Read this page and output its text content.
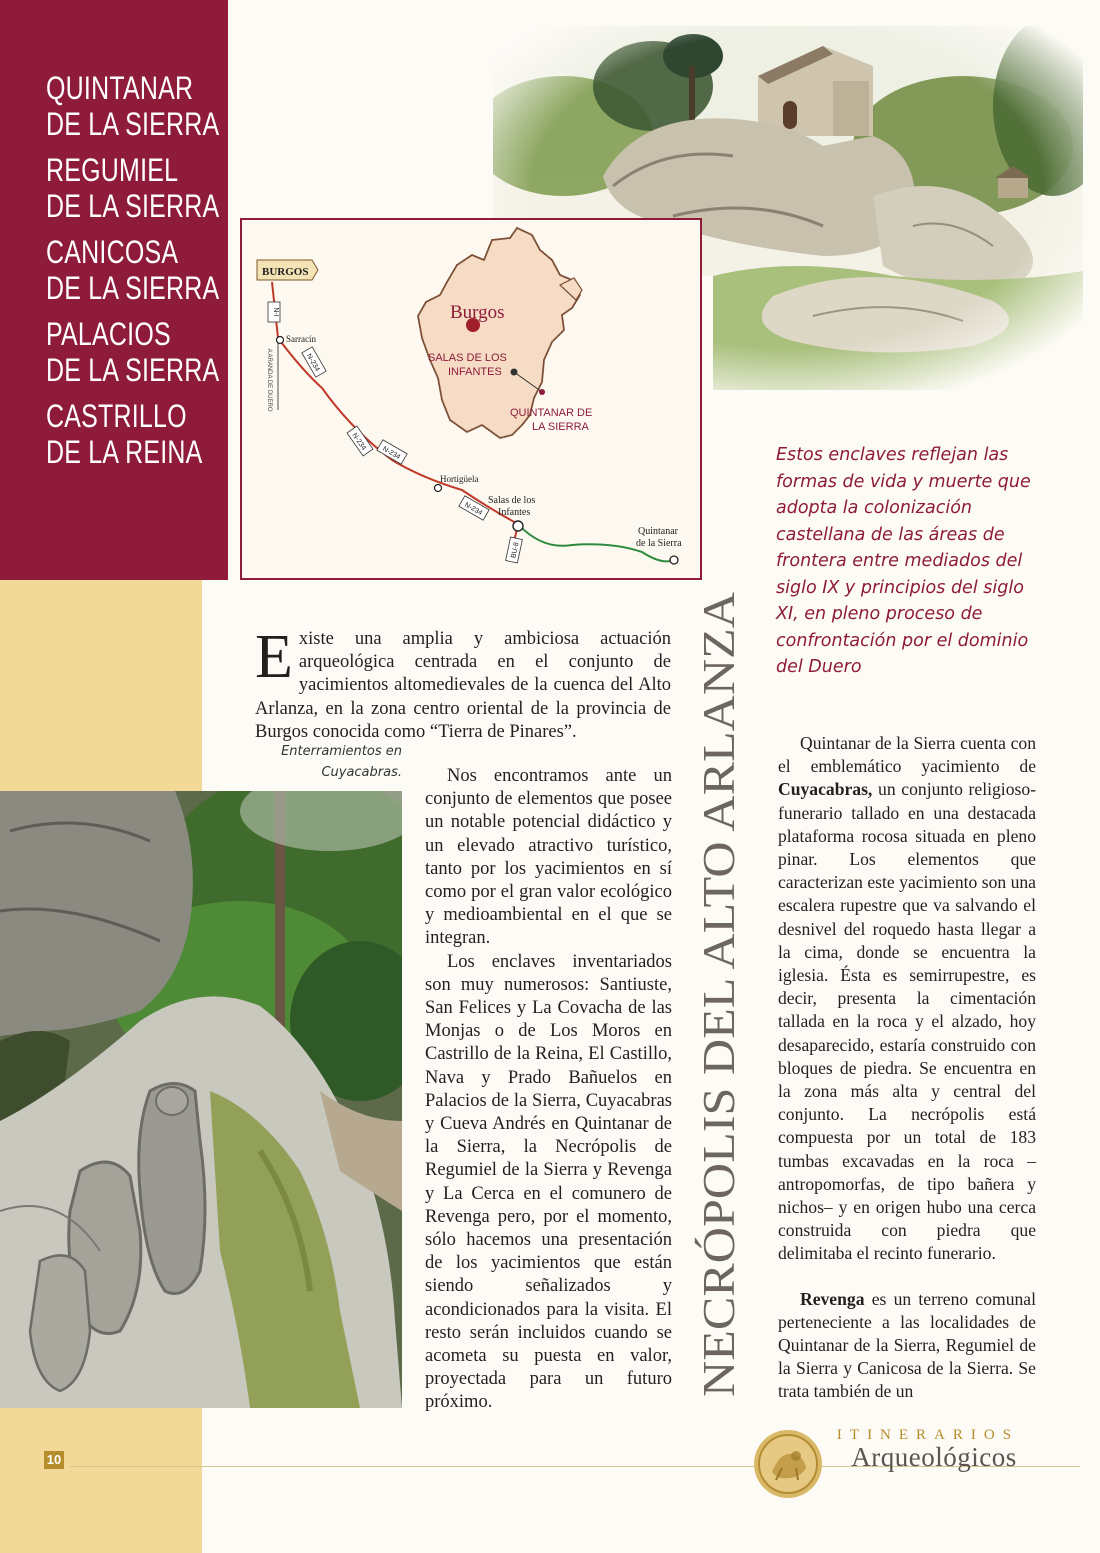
QUINTANAR
DE LA SIERRA
REGUMIEL
DE LA SIERRA
CANICOSA
DE LA SIERRA
PALACIOS
DE LA SIERRA
CASTRILLO
DE LA REINA
Burgos
SALAS DE LOS
INFANTES
QUINTANAR DE
LA SIERRA
BURGOS
N-I
A ARANDA DE DUERO
N-234
N-234
N-234
N-234
BU-8
Sarracín
Hortigüela
Salas de los
Infantes
Quintanar
de la Sierra
Estos enclaves reflejan las formas de vida y muerte que adopta la colonización castellana de las áreas de frontera entre mediados del siglo IX y principios del siglo XI, en pleno proceso de confrontación por el dominio del Duero
NECRÓPOLIS DEL ALTO ARLANZA
Existe una amplia y ambiciosa actuación arqueológica centrada en el conjunto de yacimientos altomedievales de la cuenca del Alto Arlanza, en la zona centro oriental de la provincia de Burgos conocida como “Tierra de Pinares”.
Enterramientos en
Cuyacabras.	Nos encontramos ante un conjunto de elementos que posee un notable potencial didáctico y un elevado atractivo turístico, tanto por los yacimientos en sí como por el gran valor ecológico y medioambiental en el que se integran.

Los enclaves inventariados son muy numerosos: Santiuste, San Felices y La Covacha de las Monjas o de Los Moros en Castrillo de la Reina, El Castillo, Nava y Prado Bañuelos en Palacios de la Sierra, Cuyacabras y Cueva Andrés en Quintanar de la Sierra, la Necrópolis de Regumiel de la Sierra y Revenga y La Cerca en el comunero de Revenga pero, por el momento, sólo hacemos una presentación de los yacimientos que están siendo señalizados y acondicionados para la visita. El resto serán incluidos cuando se acometa su puesta en valor, proyectada para un futuro próximo.

Quintanar de la Sierra cuenta con el emblemático yacimiento de Cuyacabras, un conjunto religioso-funerario tallado en una destacada plataforma rocosa situada en pleno pinar. Los elementos que caracterizan este yacimiento son una escalera rupestre que va salvando el desnivel del roquedo hasta llegar a la cima, donde se encuentra la iglesia. Ésta es semirrupestre, es decir, presenta la cimentación tallada en la roca y el alzado, hoy desaparecido, estaría construido con bloques de piedra. Se encuentra en la zona más alta y central del conjunto. La necrópolis está compuesta por un total de 183 tumbas excavadas en la roca –antropomorfas, de tipo bañera y nichos– y en origen hubo una cerca construida con piedra que delimitaba el recinto funerario.

Revenga es un terreno comunal perteneciente a las localidades de Quintanar de la Sierra, Regumiel de la Sierra y Canicosa de la Sierra. Se trata también de un

10
ITINERARIOS
Arqueológicos
